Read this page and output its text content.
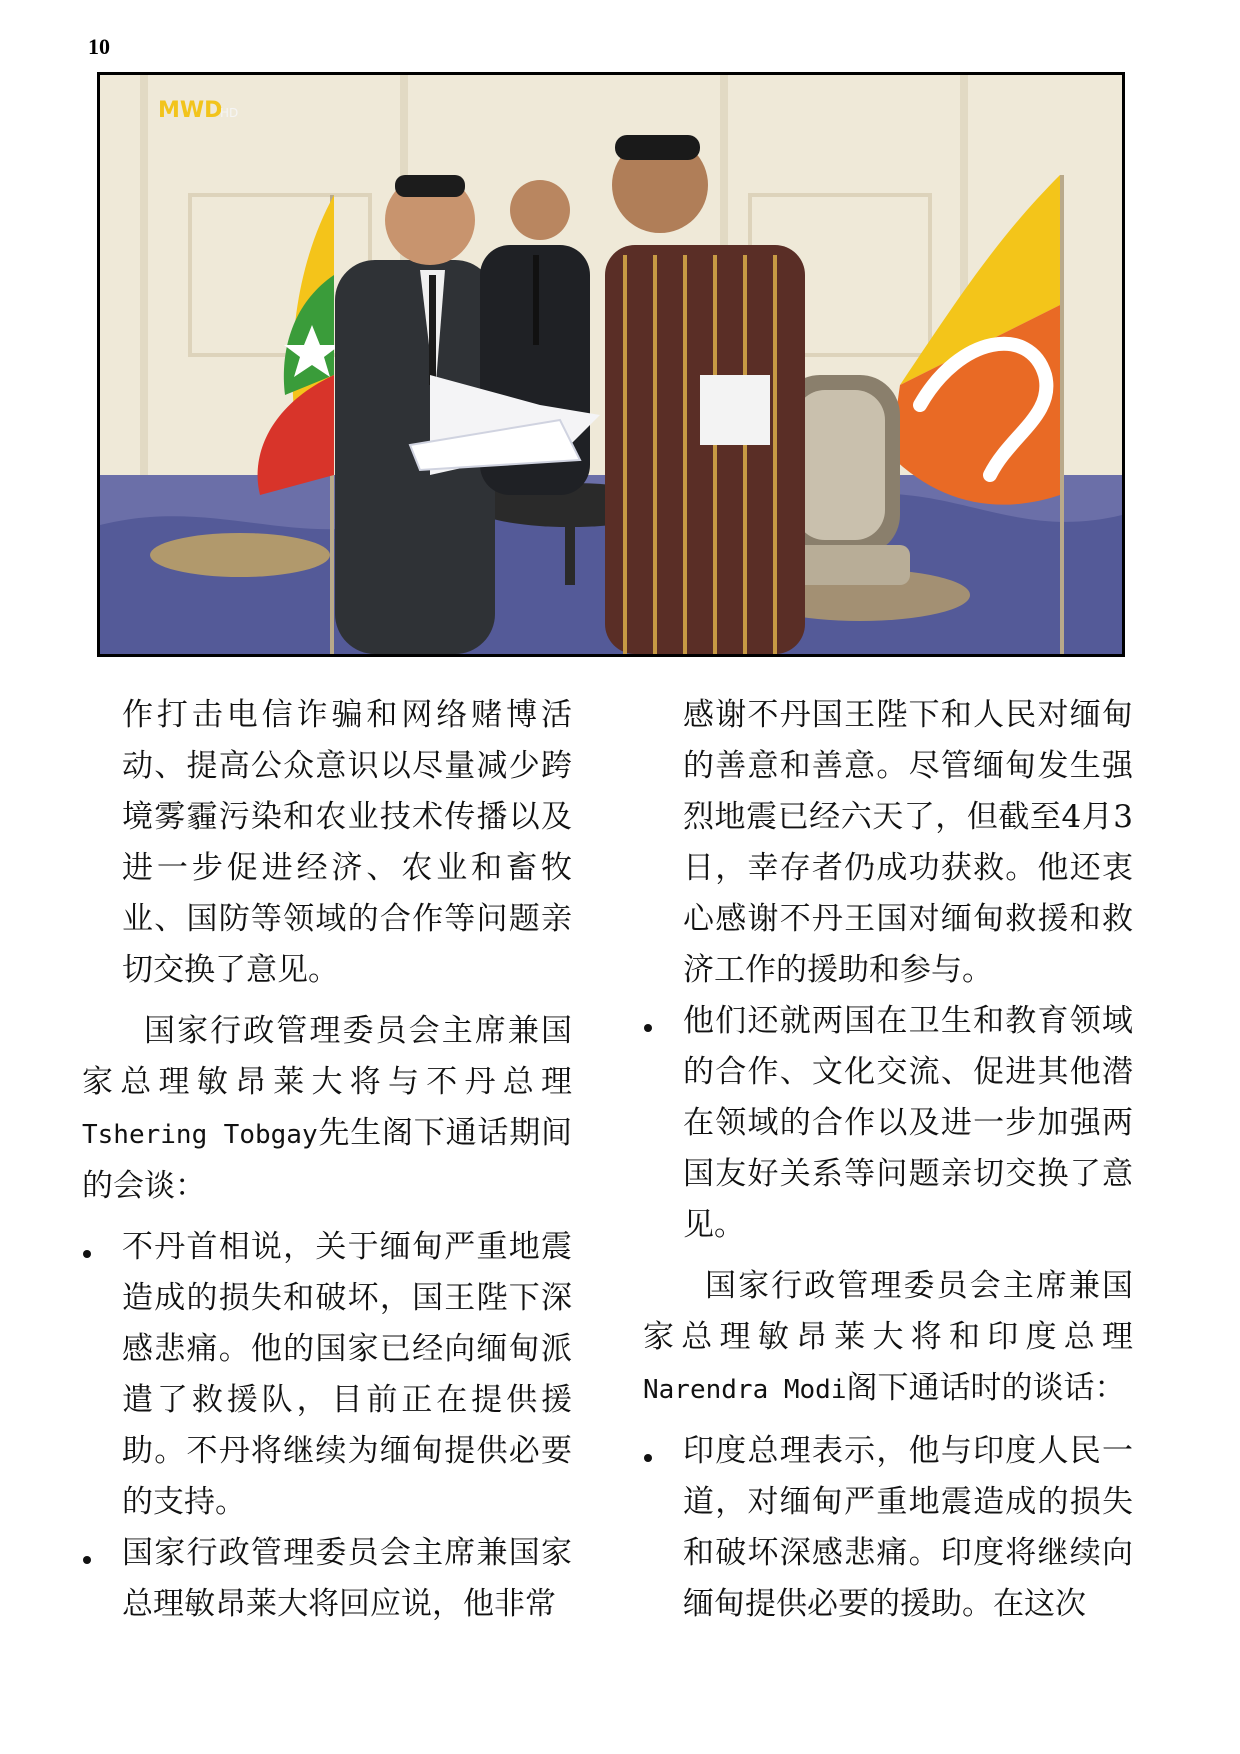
10
MWD
HD

作打击电信诈骗和网络赌博活动、提高公众意识以尽量减少跨境雾霾污染和农业技术传播以及进一步促进经济、农业和畜牧业、国防等领域的合作等问题亲切交换了意见。

国家行政管理委员会主席兼国家总理敏昂莱大将与不丹总理Tshering Tobgay先生阁下通话期间的会谈：

不丹首相说，关于缅甸严重地震造成的损失和破坏，国王陛下深感悲痛。他的国家已经向缅甸派遣了救援队，目前正在提供援助。不丹将继续为缅甸提供必要的支持。

国家行政管理委员会主席兼国家总理敏昂莱大将回应说，他非常

感谢不丹国王陛下和人民对缅甸的善意和善意。尽管缅甸发生强烈地震已经六天了，但截至4月3日，幸存者仍成功获救。他还衷心感谢不丹王国对缅甸救援和救济工作的援助和参与。

他们还就两国在卫生和教育领域的合作、文化交流、促进其他潜在领域的合作以及进一步加强两国友好关系等问题亲切交换了意见。

国家行政管理委员会主席兼国家总理敏昂莱大将和印度总理Narendra Modi阁下通话时的谈话：

印度总理表示，他与印度人民一道，对缅甸严重地震造成的损失和破坏深感悲痛。印度将继续向缅甸提供必要的援助。在这次
